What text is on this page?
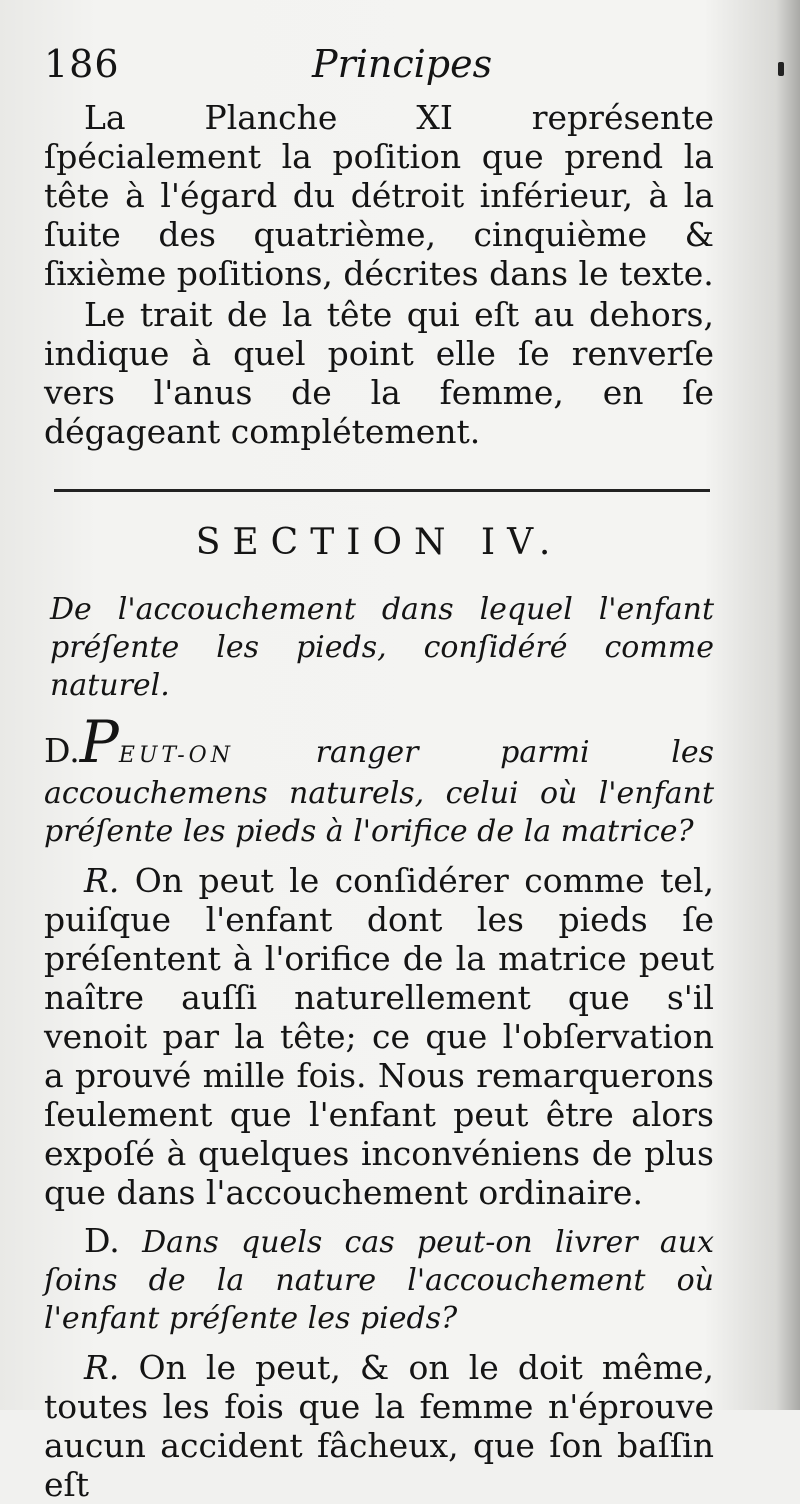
186	Principes

La Planche XI représente ſpécialement la poſition que prend la tête à l'égard du détroit inférieur, à la ſuite des quatrième, cinquième & ſixième poſitions, décrites dans le texte.

Le trait de la tête qui eſt au dehors, indique à quel point elle ſe renverſe vers l'anus de la femme, en ſe dégageant complétement.

SECTION IV.

De l'accouchement dans lequel l'enfant préſente les pieds, conſidéré comme naturel.

D.PEUT-ON	ranger parmi les accouchemens naturels, celui où l'enfant préſente les pieds à l'orifice de la matrice?

R. On peut le conſidérer comme tel, puiſque l'enfant dont les pieds ſe préſentent à l'orifice de la matrice peut naître auſſi naturellement que s'il venoit par la tête; ce que l'obſervation a prouvé mille fois. Nous remarquerons ſeulement que l'enfant peut être alors expoſé à quelques inconvéniens de plus que dans l'accouchement ordinaire.

D. Dans quels cas peut-on livrer aux ſoins de la nature l'accouchement où l'enfant préſente les pieds?

R. On le peut, & on le doit même, toutes les fois que la femme n'éprouve aucun accident fâcheux, que ſon baſſin eſt
